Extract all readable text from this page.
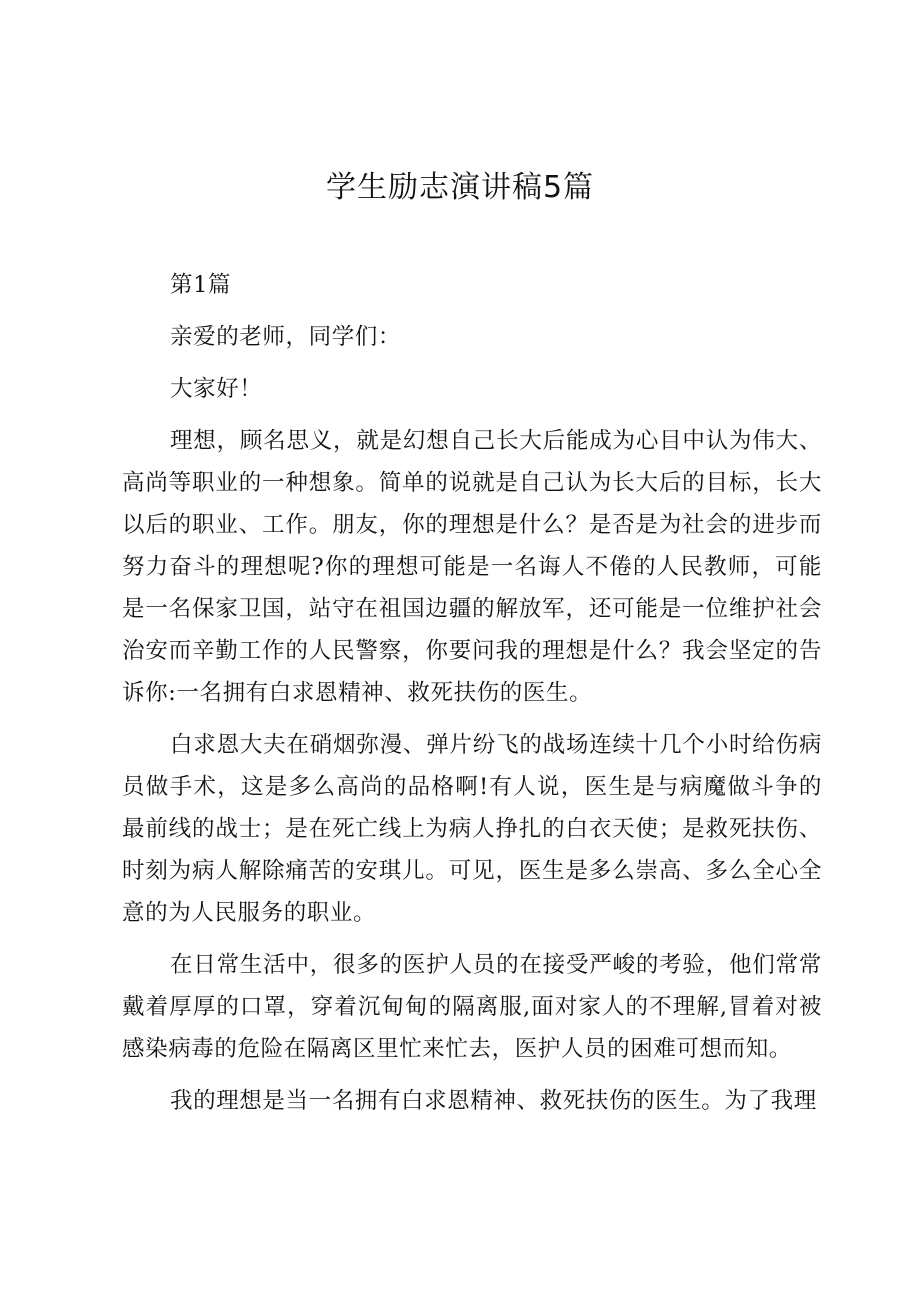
学生励志演讲稿5篇

第1篇

亲爱的老师，同学们：

大家好！

理想，顾名思义，就是幻想自己长大后能成为心目中认为伟大、高尚等职业的一种想象。简单的说就是自己认为长大后的目标，长大以后的职业、工作。朋友，你的理想是什么？是否是为社会的进步而努力奋斗的理想呢?你的理想可能是一名诲人不倦的人民教师，可能是一名保家卫国，站守在祖国边疆的解放军，还可能是一位维护社会治安而辛勤工作的人民警察，你要问我的理想是什么？我会坚定的告诉你:一名拥有白求恩精神、救死扶伤的医生。

白求恩大夫在硝烟弥漫、弹片纷飞的战场连续十几个小时给伤病员做手术，这是多么高尚的品格啊!有人说，医生是与病魔做斗争的最前线的战士；是在死亡线上为病人挣扎的白衣天使；是救死扶伤、时刻为病人解除痛苦的安琪儿。可见，医生是多么崇高、多么全心全意的为人民服务的职业。

在日常生活中，很多的医护人员的在接受严峻的考验，他们常常戴着厚厚的口罩，穿着沉甸甸的隔离服,面对家人的不理解,冒着对被感染病毒的危险在隔离区里忙来忙去，医护人员的困难可想而知。

我的理想是当一名拥有白求恩精神、救死扶伤的医生。为了我理
